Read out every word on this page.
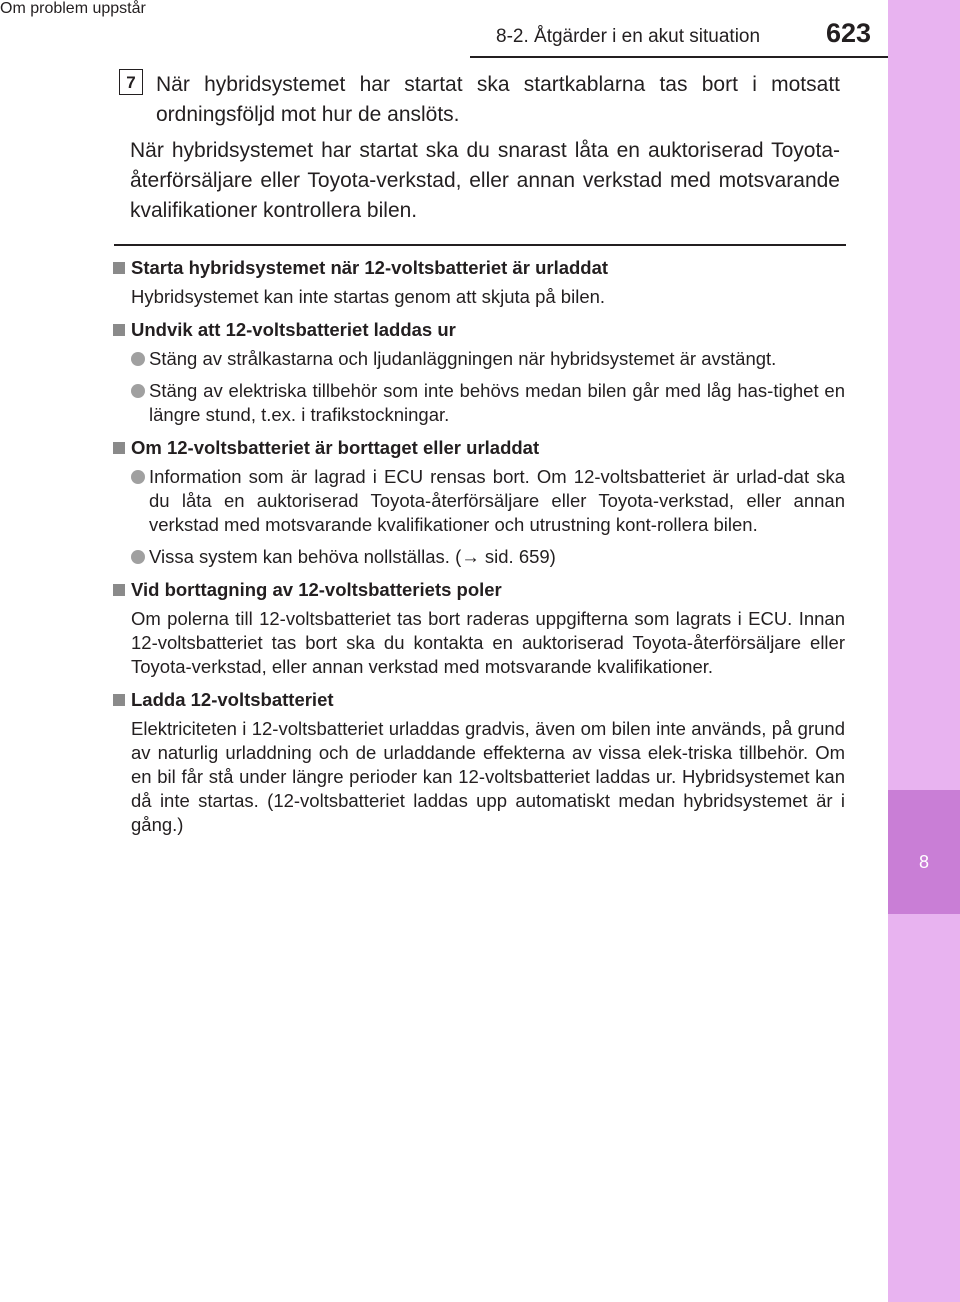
8
Om problem uppstår
8-2. Åtgärder i en akut situation 623
7 När hybridsystemet har startat ska startkablarna tas bort i motsatt ordningsföljd mot hur de anslöts.
När hybridsystemet har startat ska du snarast låta en auktoriserad Toyota-återförsäljare eller Toyota-verkstad, eller annan verkstad med motsvarande kvalifikationer kontrollera bilen.
Starta hybridsystemet när 12-voltsbatteriet är urladdat
Hybridsystemet kan inte startas genom att skjuta på bilen.
Undvik att 12-voltsbatteriet laddas ur
Stäng av strålkastarna och ljudanläggningen när hybridsystemet är avstängt.
Stäng av elektriska tillbehör som inte behövs medan bilen går med låg has-tighet en längre stund, t.ex. i trafikstockningar.
Om 12-voltsbatteriet är borttaget eller urladdat
Information som är lagrad i ECU rensas bort. Om 12-voltsbatteriet är urlad-dat ska du låta en auktoriserad Toyota-återförsäljare eller Toyota-verkstad, eller annan verkstad med motsvarande kvalifikationer och utrustning kont-rollera bilen.
Vissa system kan behöva nollställas. (→ sid. 659)
Vid borttagning av 12-voltsbatteriets poler
Om polerna till 12-voltsbatteriet tas bort raderas uppgifterna som lagrats i ECU. Innan 12-voltsbatteriet tas bort ska du kontakta en auktoriserad Toyota-återförsäljare eller Toyota-verkstad, eller annan verkstad med motsvarande kvalifikationer.
Ladda 12-voltsbatteriet
Elektriciteten i 12-voltsbatteriet urladdas gradvis, även om bilen inte används, på grund av naturlig urladdning och de urladdande effekterna av vissa elek-triska tillbehör. Om en bil får stå under längre perioder kan 12-voltsbatteriet laddas ur. Hybridsystemet kan då inte startas. (12-voltsbatteriet laddas upp automatiskt medan hybridsystemet är i gång.)
